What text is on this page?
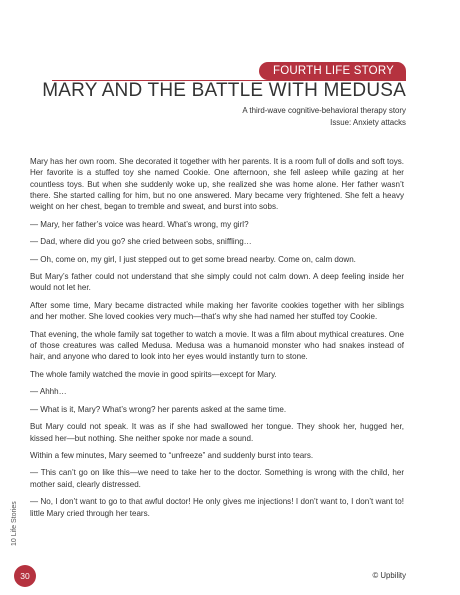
FOURTH LIFE STORY
MARY AND THE BATTLE WITH MEDUSA
A third-wave cognitive-behavioral therapy story
Issue: Anxiety attacks

Mary has her own room. She decorated it together with her parents. It is a room full of dolls and soft toys. Her favorite is a stuffed toy she named Cookie. One afternoon, she fell asleep while gazing at her countless toys. But when she suddenly woke up, she realized she was home alone. Her father wasn’t there. She started calling for him, but no one answered. Mary became very frightened. She felt a heavy weight on her chest, began to tremble and sweat, and burst into sobs.

— Mary, her father’s voice was heard. What’s wrong, my girl?

— Dad, where did you go? she cried between sobs, sniffling…

— Oh, come on, my girl, I just stepped out to get some bread nearby. Come on, calm down.

But Mary’s father could not understand that she simply could not calm down. A deep feeling inside her would not let her.

After some time, Mary became distracted while making her favorite cookies together with her siblings and her mother. She loved cookies very much—that’s why she had named her stuffed toy Cookie.

That evening, the whole family sat together to watch a movie. It was a film about mythical creatures. One of those creatures was called Medusa. Medusa was a humanoid monster who had snakes instead of hair, and anyone who dared to look into her eyes would instantly turn to stone.

The whole family watched the movie in good spirits—except for Mary.

— Ahhh…

— What is it, Mary? What’s wrong? her parents asked at the same time.

But Mary could not speak. It was as if she had swallowed her tongue. They shook her, hugged her, kissed her—but nothing. She neither spoke nor made a sound.

Within a few minutes, Mary seemed to “unfreeze” and suddenly burst into tears.

— This can’t go on like this—we need to take her to the doctor. Something is wrong with the child, her mother said, clearly distressed.

— No, I don’t want to go to that awful doctor! He only gives me injections! I don’t want to, I don’t want to! little Mary cried through her tears.

10 Life Stories
30	© Upbility
